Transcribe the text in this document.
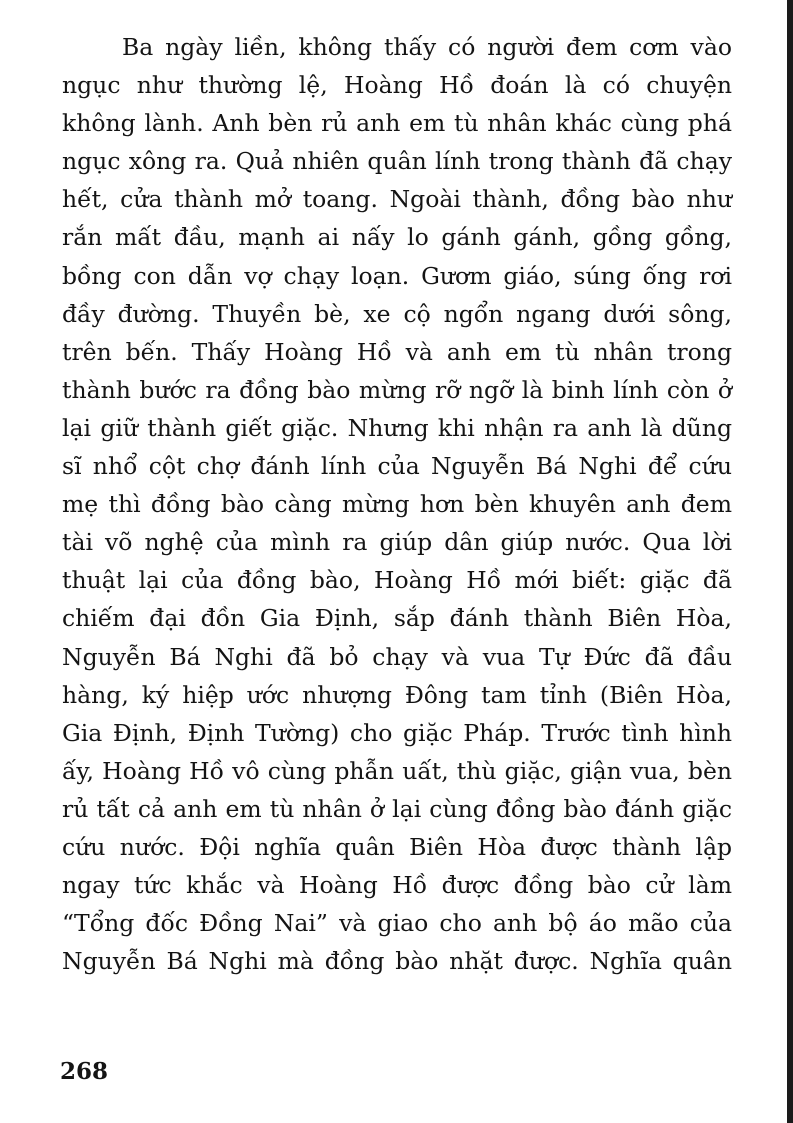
Ba ngày liền, không thấy có người đem cơm vào
ngục như thường lệ, Hoàng Hồ đoán là có chuyện
không lành. Anh bèn rủ anh em tù nhân khác cùng phá
ngục xông ra. Quả nhiên quân lính trong thành đã chạy
hết, cửa thành mở toang. Ngoài thành, đồng bào như
rắn mất đầu, mạnh ai nấy lo gánh gánh, gồng gồng,
bồng con dẫn vợ chạy loạn. Gươm giáo, súng ống rơi
đầy đường. Thuyền bè, xe cộ ngổn ngang dưới sông,
trên bến. Thấy Hoàng Hồ và anh em tù nhân trong
thành bước ra đồng bào mừng rỡ ngỡ là binh lính còn ở
lại giữ thành giết giặc. Nhưng khi nhận ra anh là dũng
sĩ nhổ cột chợ đánh lính của Nguyễn Bá Nghi để cứu
mẹ thì đồng bào càng mừng hơn bèn khuyên anh đem
tài võ nghệ của mình ra giúp dân giúp nước. Qua lời
thuật lại của đồng bào, Hoàng Hồ mới biết: giặc đã
chiếm đại đồn Gia Định, sắp đánh thành Biên Hòa,
Nguyễn Bá Nghi đã bỏ chạy và vua Tự Đức đã đầu
hàng, ký hiệp ước nhượng Đông tam tỉnh (Biên Hòa,
Gia Định, Định Tường) cho giặc Pháp. Trước tình hình
ấy, Hoàng Hồ vô cùng phẫn uất, thù giặc, giận vua, bèn
rủ tất cả anh em tù nhân ở lại cùng đồng bào đánh giặc
cứu nước. Đội nghĩa quân Biên Hòa được thành lập
ngay tức khắc và Hoàng Hồ được đồng bào cử làm
“Tổng đốc Đồng Nai” và giao cho anh bộ áo mão của
Nguyễn Bá Nghi mà đồng bào nhặt được. Nghĩa quân
268
